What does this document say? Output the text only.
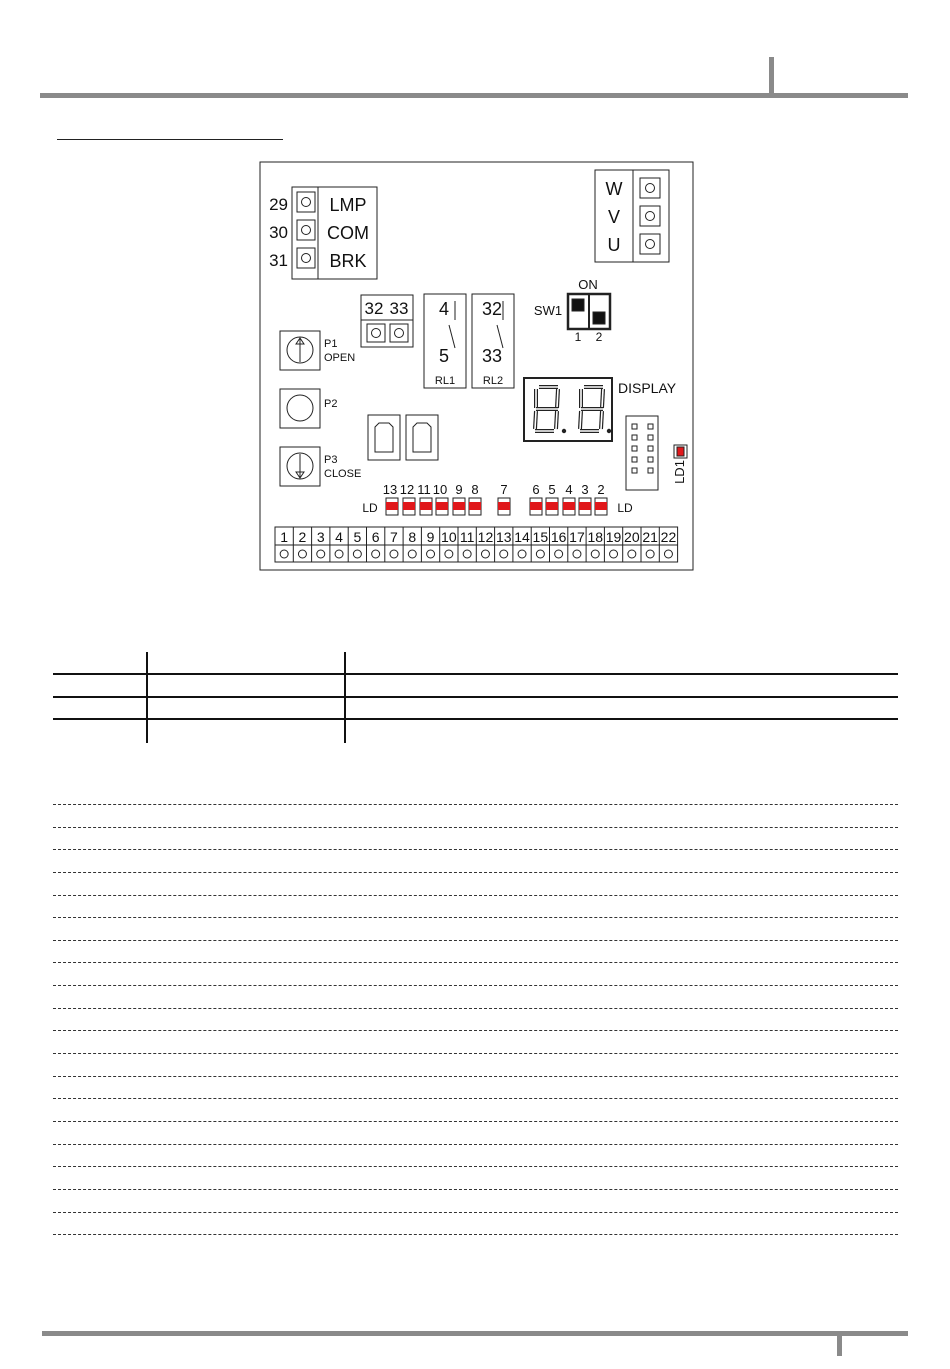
29 LMP
30 COM
31 BRK
W
V
U
ON
SW1
1 2
32 33 4
5
RL1
32
33
RL2	DISPLAY
P1
OPEN
P2
P3
CLOSE	LD1
13 12 11 10 9 8 7 6 5 4 3 2
LD	LD
1 2 3 4 5 6 7 8 9 10 11 12 13 14 15 16 17 18 19 20 21 22
